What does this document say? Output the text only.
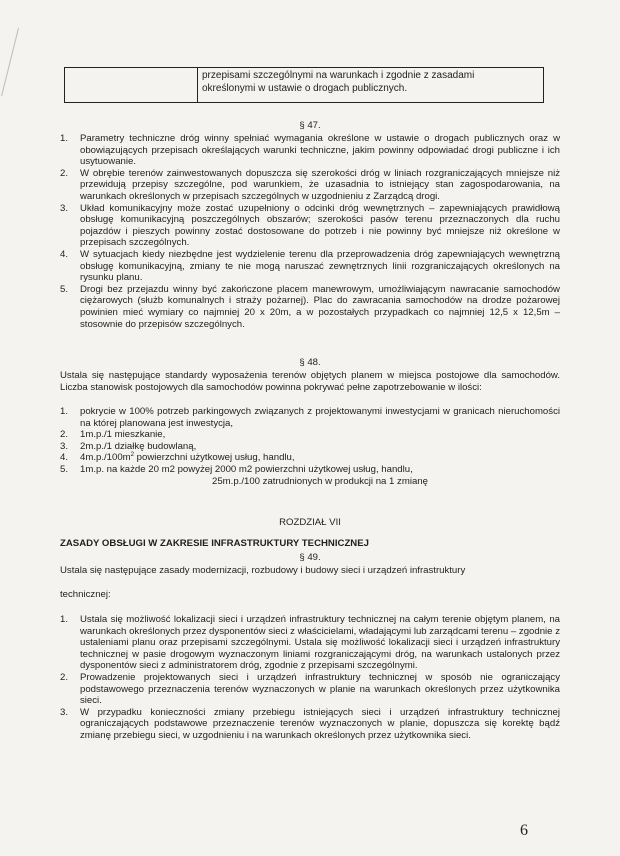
przepisami szczególnymi na warunkach i zgodnie z zasadami
określonymi w ustawie o drogach publicznych.
§ 47.
1. Parametry techniczne dróg winny spełniać wymagania określone w ustawie o drogach publicznych oraz w obowiązujących przepisach określających warunki techniczne, jakim powinny odpowiadać drogi publiczne i ich usytuowanie.
2. W obrębie terenów zainwestowanych dopuszcza się szerokości dróg w liniach rozgraniczających mniejsze niż przewidują przepisy szczególne, pod warunkiem, że uzasadnia to istniejący stan zagospodarowania, na warunkach określonych w przepisach szczególnych w uzgodnieniu z Zarządcą drogi.
3. Układ komunikacyjny może zostać uzupełniony o odcinki dróg wewnętrznych – zapewniających prawidłową obsługę komunikacyjną poszczególnych obszarów; szerokości pasów terenu przeznaczonych dla ruchu pojazdów i pieszych powinny zostać dostosowane do potrzeb i nie powinny być mniejsze niż określone w przepisach szczególnych.
4. W sytuacjach kiedy niezbędne jest wydzielenie terenu dla przeprowadzenia dróg zapewniających wewnętrzną obsługę komunikacyjną, zmiany te nie mogą naruszać zewnętrznych linii rozgraniczających określonych na rysunku planu.
5. Drogi bez przejazdu winny być zakończone placem manewrowym, umożliwiającym nawracanie samochodów ciężarowych (służb komunalnych i straży pożarnej). Plac do zawracania samochodów na drodze pożarowej powinien mieć wymiary co najmniej 20 x 20m, a w pozostałych przypadkach co najmniej 12,5 x 12,5m – stosownie do przepisów szczególnych.
§ 48.
Ustala się następujące standardy wyposażenia terenów objętych planem w miejsca postojowe dla samochodów. Liczba stanowisk postojowych dla samochodów powinna pokrywać pełne zapotrzebowanie w ilości:
1. pokrycie w 100% potrzeb parkingowych związanych z projektowanymi inwestycjami w granicach nieruchomości na której planowana jest inwestycja,
2. 1m.p./1 mieszkanie,
3. 2m.p./1 działkę budowlaną,
4. $4m.p./100m^2$ powierzchni użytkowej usług, handlu,
5. 1m.p. na każde 20 m2 powyżej 2000 m2 powierzchni użytkowej usług, handlu,

25m.p./100 zatrudnionych w produkcji na 1 zmianę
ROZDZIAŁ VII
ZASADY OBSŁUGI W ZAKRESIE INFRASTRUKTURY TECHNICZNEJ
§ 49.
Ustala się następujące zasady modernizacji, rozbudowy i budowy sieci i urządzeń infrastruktury
technicznej:
1. Ustala się możliwość lokalizacji sieci i urządzeń infrastruktury technicznej na całym terenie objętym planem, na warunkach określonych przez dysponentów sieci z właścicielami, władającymi lub zarządcami terenu – zgodnie z ustaleniami planu oraz przepisami szczególnymi. Ustala się możliwość lokalizacji sieci i urządzeń infrastruktury technicznej w pasie drogowym wyznaczonym liniami rozgraniczającymi dróg, na warunkach ustalonych przez dysponentów sieci z administratorem dróg, zgodnie z przepisami szczególnymi.
2. Prowadzenie projektowanych sieci i urządzeń infrastruktury technicznej w sposób nie ograniczający podstawowego przeznaczenia terenów wyznaczonych w planie na warunkach określonych przez użytkownika sieci.
3. W przypadku konieczności zmiany przebiegu istniejących sieci i urządzeń infrastruktury technicznej ograniczających podstawowe przeznaczenie terenów wyznaczonych w planie, dopuszcza się korektę bądź zmianę przebiegu sieci, w uzgodnieniu i na warunkach określonych przez użytkownika sieci.
6
